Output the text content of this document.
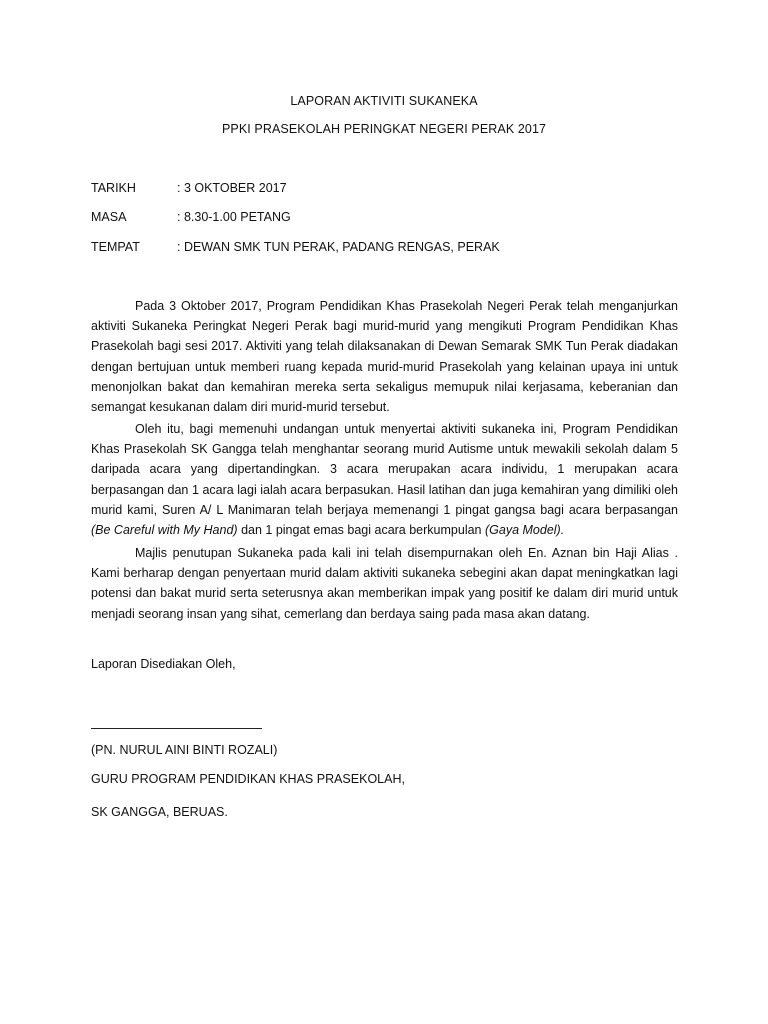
LAPORAN AKTIVITI SUKANEKA
PPKI PRASEKOLAH PERINGKAT NEGERI PERAK 2017
TARIKH	: 3 OKTOBER 2017
MASA	: 8.30-1.00 PETANG
TEMPAT	: DEWAN SMK TUN PERAK, PADANG RENGAS, PERAK

Pada 3 Oktober 2017, Program Pendidikan Khas Prasekolah Negeri Perak telah menganjurkan aktiviti Sukaneka Peringkat Negeri Perak bagi murid-murid yang mengikuti Program Pendidikan Khas Prasekolah bagi sesi 2017. Aktiviti yang telah dilaksanakan di Dewan Semarak SMK Tun Perak diadakan dengan bertujuan untuk memberi ruang kepada murid-murid Prasekolah yang kelainan upaya ini untuk menonjolkan bakat dan kemahiran mereka serta sekaligus memupuk nilai kerjasama, keberanian dan semangat kesukanan dalam diri murid-murid tersebut.

Oleh itu, bagi memenuhi undangan untuk menyertai aktiviti sukaneka ini, Program Pendidikan Khas Prasekolah SK Gangga telah menghantar seorang murid Autisme untuk mewakili sekolah dalam 5 daripada acara yang dipertandingkan. 3 acara merupakan acara individu, 1 merupakan acara berpasangan dan 1 acara lagi ialah acara berpasukan. Hasil latihan dan juga kemahiran yang dimiliki oleh murid kami, Suren A/ L Manimaran telah berjaya memenangi 1 pingat gangsa bagi acara berpasangan (Be Careful with My Hand) dan 1 pingat emas bagi acara berkumpulan (Gaya Model).

Majlis penutupan Sukaneka pada kali ini telah disempurnakan oleh En. Aznan bin Haji Alias . Kami berharap dengan penyertaan murid dalam aktiviti sukaneka sebegini akan dapat meningkatkan lagi potensi dan bakat murid serta seterusnya akan memberikan impak yang positif ke dalam diri murid untuk menjadi seorang insan yang sihat, cemerlang dan berdaya saing pada masa akan datang.

Laporan Disediakan Oleh,
(PN. NURUL AINI BINTI ROZALI)
GURU PROGRAM PENDIDIKAN KHAS PRASEKOLAH,
SK GANGGA, BERUAS.
